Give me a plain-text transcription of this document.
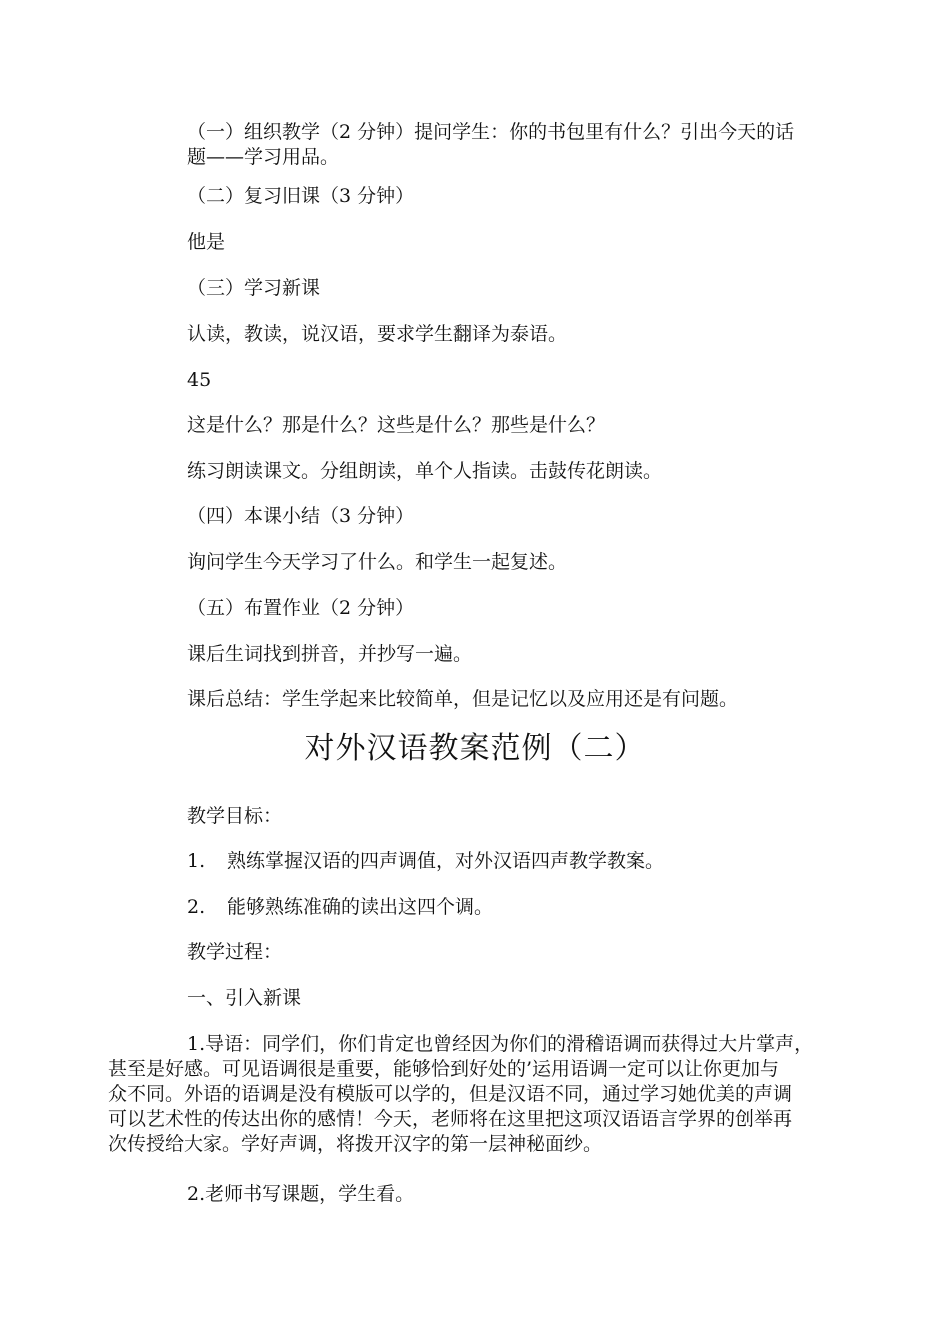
（一）组织教学（2 分钟）提问学生：你的书包里有什么？引出今天的话
题——学习用品。
（二）复习旧课（3 分钟）
他是
（三）学习新课
认读，教读，说汉语，要求学生翻译为泰语。
45
这是什么？那是什么？这些是什么？那些是什么？
练习朗读课文。分组朗读，单个人指读。击鼓传花朗读。
（四）本课小结（3 分钟）
询问学生今天学习了什么。和学生一起复述。
（五）布置作业（2 分钟）
课后生词找到拼音，并抄写一遍。
课后总结：学生学起来比较简单，但是记忆以及应用还是有问题。
对外汉语教案范例（二）
教学目标：
1. 熟练掌握汉语的四声调值，对外汉语四声教学教案。
2. 能够熟练准确的读出这四个调。
教学过程：
一、引入新课
1.导语：同学们，你们肯定也曾经因为你们的滑稽语调而获得过大片掌声，
甚至是好感。可见语调很是重要，能够恰到好处的’运用语调一定可以让你更加与
众不同。外语的语调是没有模版可以学的，但是汉语不同，通过学习她优美的声调
可以艺术性的传达出你的感情！今天，老师将在这里把这项汉语语言学界的创举再
次传授给大家。学好声调，将拨开汉字的第一层神秘面纱。
2.老师书写课题，学生看。
